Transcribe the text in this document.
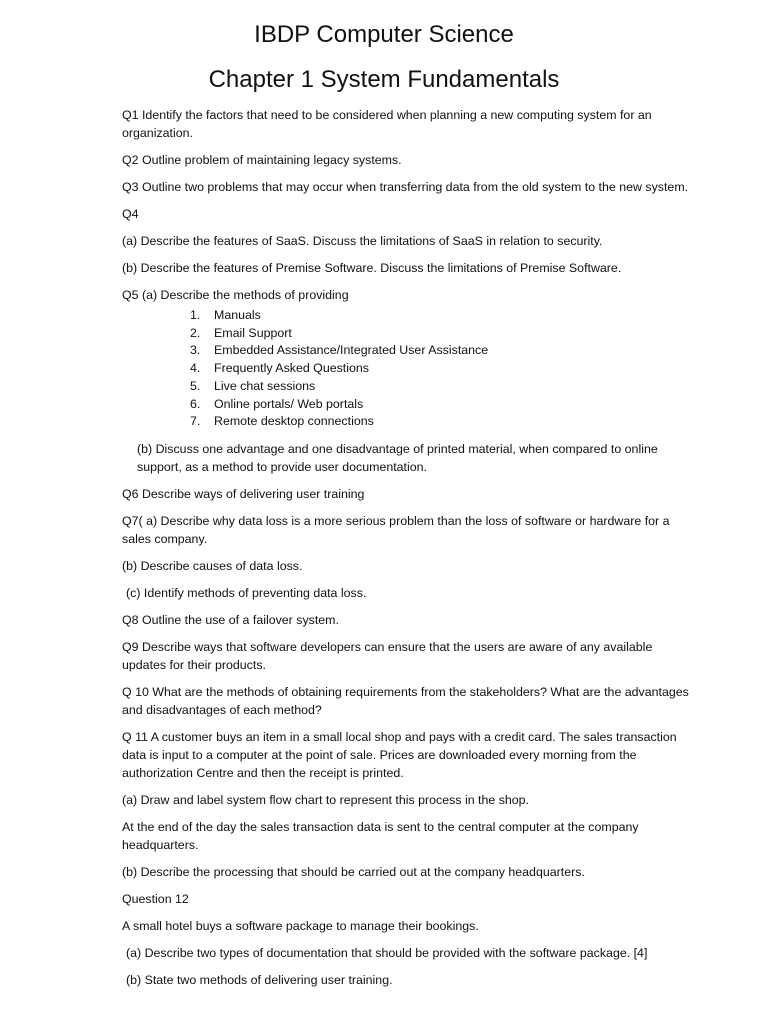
IBDP Computer Science
Chapter 1 System Fundamentals

Q1 Identify the factors that need to be considered when planning a new computing system for an organization.

Q2 Outline problem of maintaining legacy systems.

Q3 Outline two problems that may occur when transferring data from the old system to the new system.

Q4

(a) Describe the features of SaaS. Discuss the limitations of SaaS in relation to security.

(b) Describe the features of Premise Software. Discuss the limitations of Premise Software.

Q5 (a) Describe the methods of providing

1.	Manuals
2.	Email Support
3.	Embedded Assistance/Integrated User Assistance
4.	Frequently Asked Questions
5.	Live chat sessions
6.	Online portals/ Web portals
7.	Remote desktop connections

(b) Discuss one advantage and one disadvantage of printed material, when compared to online support, as a method to provide user documentation.

Q6 Describe ways of delivering user training

Q7( a) Describe why data loss is a more serious problem than the loss of software or hardware for a sales company.

(b) Describe causes of data loss.

(c) Identify methods of preventing data loss.

Q8 Outline the use of a failover system.

Q9 Describe ways that software developers can ensure that the users are aware of any available updates for their products.

Q 10 What are the methods of obtaining requirements from the stakeholders? What are the advantages and disadvantages of each method?

Q 11 A customer buys an item in a small local shop and pays with a credit card. The sales transaction data is input to a computer at the point of sale. Prices are downloaded every morning from the authorization Centre and then the receipt is printed.

(a) Draw and label system flow chart to represent this process in the shop.

At the end of the day the sales transaction data is sent to the central computer at the company headquarters.

(b) Describe the processing that should be carried out at the company headquarters.

Question 12

A small hotel buys a software package to manage their bookings.

(a) Describe two types of documentation that should be provided with the software package. [4]

(b) State two methods of delivering user training.
